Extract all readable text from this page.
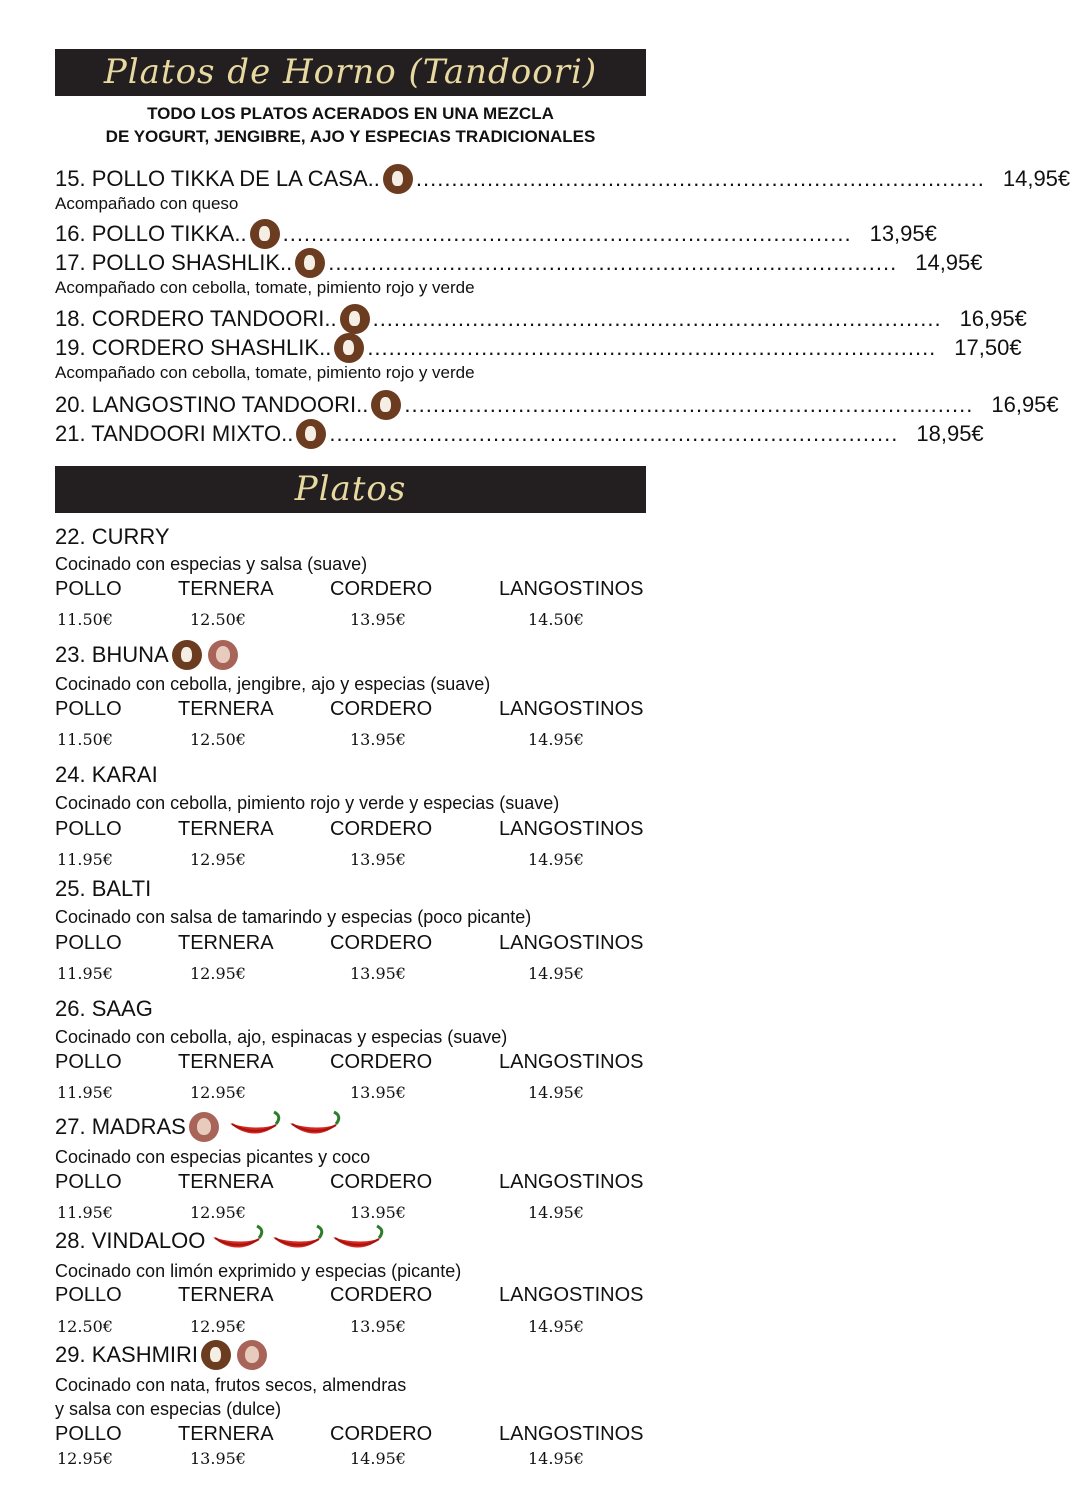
Platos de Horno (Tandoori)
TODO LOS PLATOS ACERADOS EN UNA MEZCLA
DE YOGURT, JENGIBRE, AJO Y ESPECIAS TRADICIONALES
15. POLLO TIKKA DE LA CASA .. ................................................................................ 14,95€
Acompañado con queso
16. POLLO TIKKA .. ................................................................................ 13,95€
17. POLLO SHASHLIK .. ................................................................................ 14,95€
Acompañado con cebolla, tomate, pimiento rojo y verde
18. CORDERO TANDOORI .. ................................................................................ 16,95€
19. CORDERO SHASHLIK .. ................................................................................ 17,50€
Acompañado con cebolla, tomate, pimiento rojo y verde
20. LANGOSTINO TANDOORI .. ................................................................................ 16,95€
21. TANDOORI MIXTO .. ................................................................................ 18,95€
Platos
22. CURRY
Cocinado con especias y salsa (suave)
POLLO	TERNERA	CORDERO	LANGOSTINOS
11.50€	12.50€	13.95€	14.50€
23. BHUNA
Cocinado con cebolla, jengibre, ajo y especias (suave)
POLLO	TERNERA	CORDERO	LANGOSTINOS
11.50€	12.50€	13.95€	14.95€
24. KARAI
Cocinado con cebolla, pimiento rojo y verde y especias (suave)
POLLO	TERNERA	CORDERO	LANGOSTINOS
11.95€	12.95€	13.95€	14.95€
25. BALTI
Cocinado con salsa de tamarindo y especias (poco picante)
POLLO	TERNERA	CORDERO	LANGOSTINOS
11.95€	12.95€	13.95€	14.95€
26. SAAG
Cocinado con cebolla, ajo, espinacas y especias (suave)
POLLO	TERNERA	CORDERO	LANGOSTINOS
11.95€	12.95€	13.95€	14.95€
27. MADRAS
Cocinado con especias picantes y coco
POLLO	TERNERA	CORDERO	LANGOSTINOS
11.95€	12.95€	13.95€	14.95€
28. VINDALOO
Cocinado con limón exprimido y especias (picante)
POLLO	TERNERA	CORDERO	LANGOSTINOS
12.50€	12.95€	13.95€	14.95€
29. KASHMIRI
Cocinado con nata, frutos secos, almendras
y salsa con especias (dulce)
POLLO	TERNERA	CORDERO	LANGOSTINOS
12.95€	13.95€	14.95€	14.95€
